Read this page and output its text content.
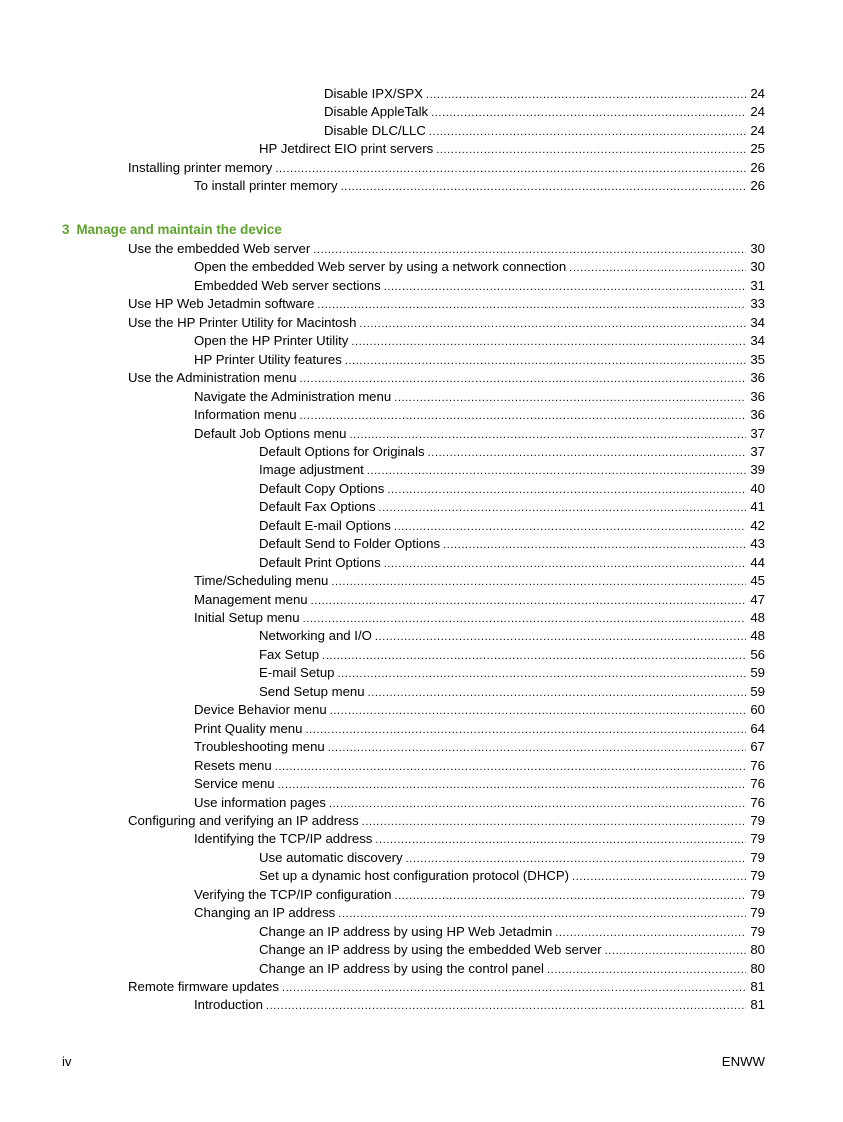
Disable IPX/SPX .....	24
Disable AppleTalk .....	24
Disable DLC/LLC .....	24
HP Jetdirect EIO print servers .....	25
Installing printer memory .....	26
To install printer memory .....	26
3 Manage and maintain the device
Use the embedded Web server .....	30
Open the embedded Web server by using a network connection .....	30
Embedded Web server sections .....	31
Use HP Web Jetadmin software .....	33
Use the HP Printer Utility for Macintosh .....	34
Open the HP Printer Utility .....	34
HP Printer Utility features .....	35
Use the Administration menu .....	36
Navigate the Administration menu .....	36
Information menu .....	36
Default Job Options menu .....	37
Default Options for Originals .....	37
Image adjustment .....	39
Default Copy Options .....	40
Default Fax Options .....	41
Default E-mail Options .....	42
Default Send to Folder Options .....	43
Default Print Options .....	44
Time/Scheduling menu .....	45
Management menu .....	47
Initial Setup menu .....	48
Networking and I/O .....	48
Fax Setup .....	56
E-mail Setup .....	59
Send Setup menu .....	59
Device Behavior menu .....	60
Print Quality menu .....	64
Troubleshooting menu .....	67
Resets menu .....	76
Service menu .....	76
Use information pages .....	76
Configuring and verifying an IP address .....	79
Identifying the TCP/IP address .....	79
Use automatic discovery .....	79
Set up a dynamic host configuration protocol (DHCP) .....	79
Verifying the TCP/IP configuration .....	79
Changing an IP address .....	79
Change an IP address by using HP Web Jetadmin .....	79
Change an IP address by using the embedded Web server .....	80
Change an IP address by using the control panel .....	80
Remote firmware updates .....	81
Introduction .....	81
iv	ENWW
